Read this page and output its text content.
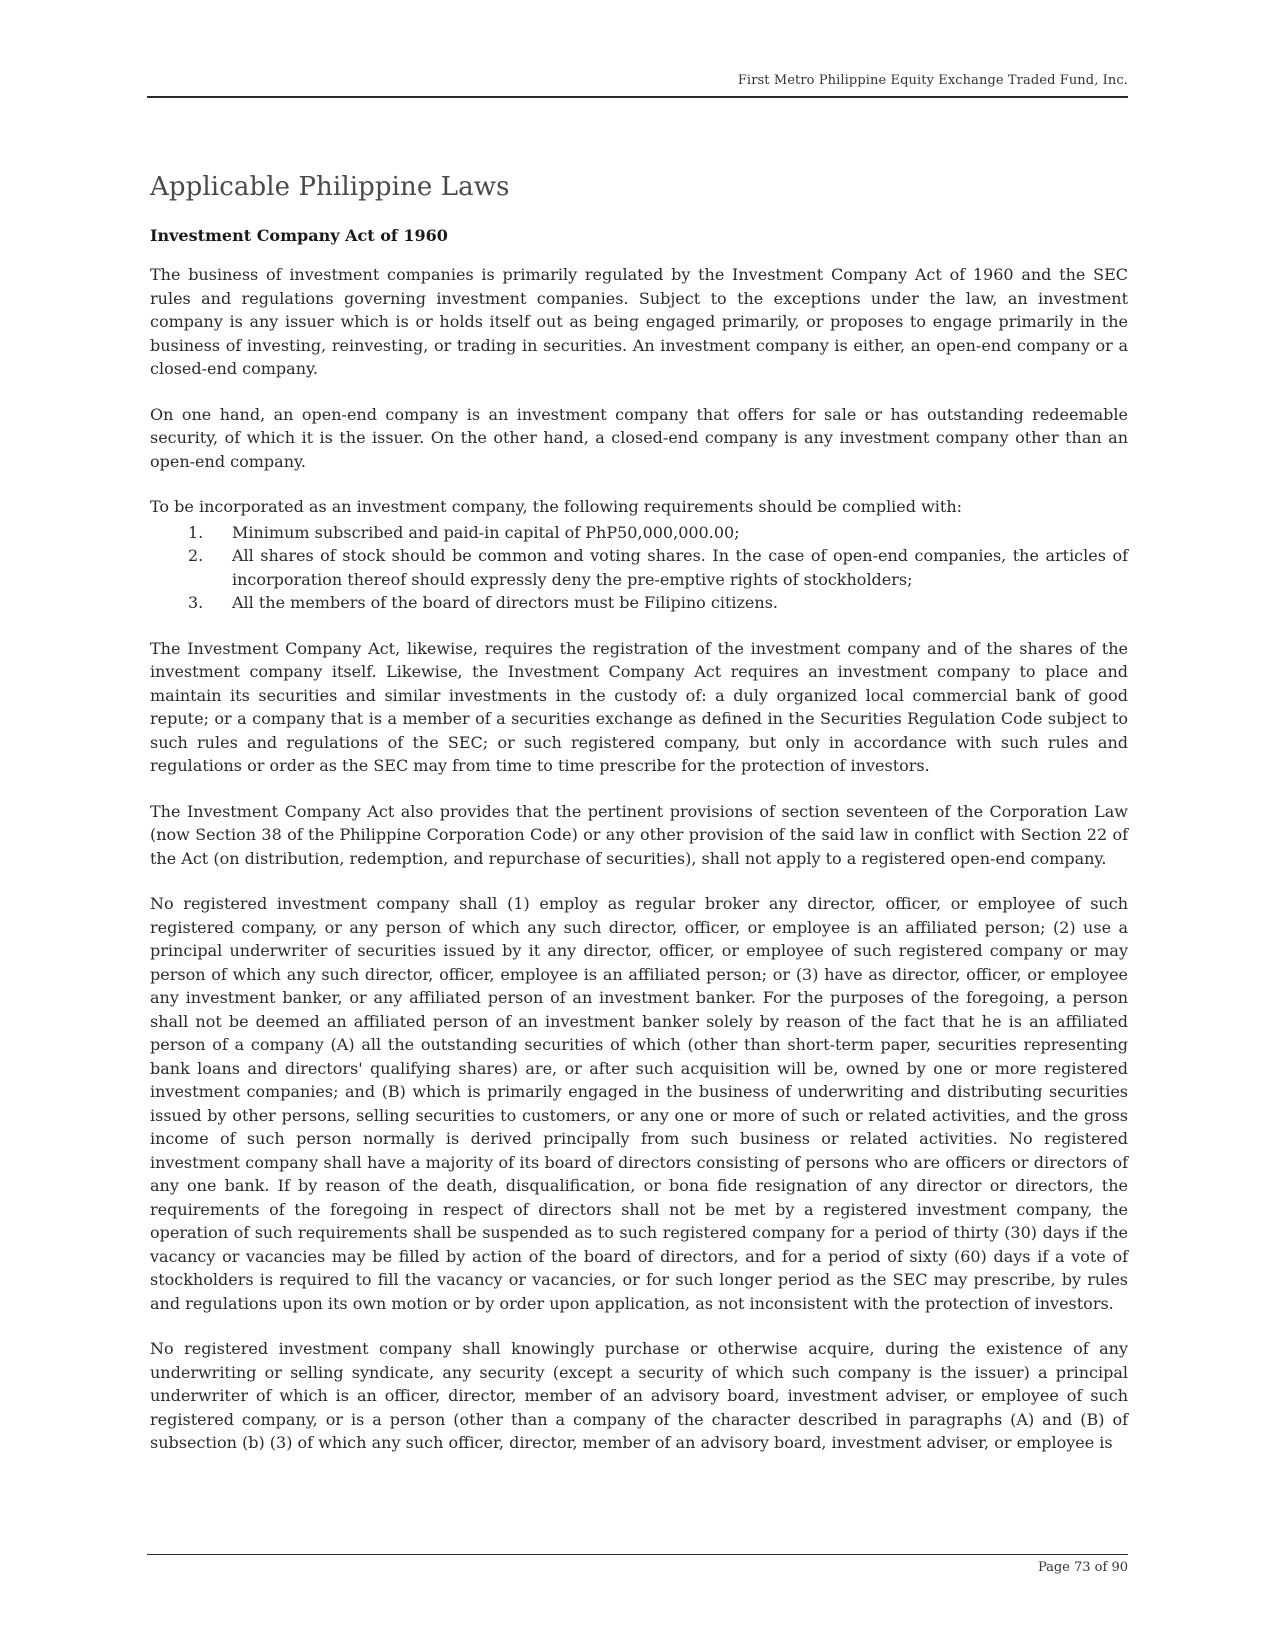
First Metro Philippine Equity Exchange Traded Fund, Inc.
Applicable Philippine Laws
Investment Company Act of 1960

The business of investment companies is primarily regulated by the Investment Company Act of 1960 and the SEC rules and regulations governing investment companies. Subject to the exceptions under the law, an investment company is any issuer which is or holds itself out as being engaged primarily, or proposes to engage primarily in the business of investing, reinvesting, or trading in securities. An investment company is either, an open-end company or a closed-end company.

On one hand, an open-end company is an investment company that offers for sale or has outstanding redeemable security, of which it is the issuer. On the other hand, a closed-end company is any investment company other than an open-end company.

To be incorporated as an investment company, the following requirements should be complied with:

1.	Minimum subscribed and paid-in capital of PhP50,000,000.00;
2.	All shares of stock should be common and voting shares. In the case of open-end companies, the articles of incorporation thereof should expressly deny the pre-emptive rights of stockholders;
3.	All the members of the board of directors must be Filipino citizens.

The Investment Company Act, likewise, requires the registration of the investment company and of the shares of the investment company itself. Likewise, the Investment Company Act requires an investment company to place and maintain its securities and similar investments in the custody of: a duly organized local commercial bank of good repute; or a company that is a member of a securities exchange as defined in the Securities Regulation Code subject to such rules and regulations of the SEC; or such registered company, but only in accordance with such rules and regulations or order as the SEC may from time to time prescribe for the protection of investors.

The Investment Company Act also provides that the pertinent provisions of section seventeen of the Corporation Law (now Section 38 of the Philippine Corporation Code) or any other provision of the said law in conflict with Section 22 of the Act (on distribution, redemption, and repurchase of securities), shall not apply to a registered open-end company.

No registered investment company shall (1) employ as regular broker any director, officer, or employee of such registered company, or any person of which any such director, officer, or employee is an affiliated person; (2) use a principal underwriter of securities issued by it any director, officer, or employee of such registered company or may person of which any such director, officer, employee is an affiliated person; or (3) have as director, officer, or employee any investment banker, or any affiliated person of an investment banker. For the purposes of the foregoing, a person shall not be deemed an affiliated person of an investment banker solely by reason of the fact that he is an affiliated person of a company (A) all the outstanding securities of which (other than short-term paper, securities representing bank loans and directors' qualifying shares) are, or after such acquisition will be, owned by one or more registered investment companies; and (B) which is primarily engaged in the business of underwriting and distributing securities issued by other persons, selling securities to customers, or any one or more of such or related activities, and the gross income of such person normally is derived principally from such business or related activities. No registered investment company shall have a majority of its board of directors consisting of persons who are officers or directors of any one bank. If by reason of the death, disqualification, or bona fide resignation of any director or directors, the requirements of the foregoing in respect of directors shall not be met by a registered investment company, the operation of such requirements shall be suspended as to such registered company for a period of thirty (30) days if the vacancy or vacancies may be filled by action of the board of directors, and for a period of sixty (60) days if a vote of stockholders is required to fill the vacancy or vacancies, or for such longer period as the SEC may prescribe, by rules and regulations upon its own motion or by order upon application, as not inconsistent with the protection of investors.

No registered investment company shall knowingly purchase or otherwise acquire, during the existence of any underwriting or selling syndicate, any security (except a security of which such company is the issuer) a principal underwriter of which is an officer, director, member of an advisory board, investment adviser, or employee of such registered company, or is a person (other than a company of the character described in paragraphs (A) and (B) of subsection (b) (3) of which any such officer, director, member of an advisory board, investment adviser, or employee is

Page 73 of 90
